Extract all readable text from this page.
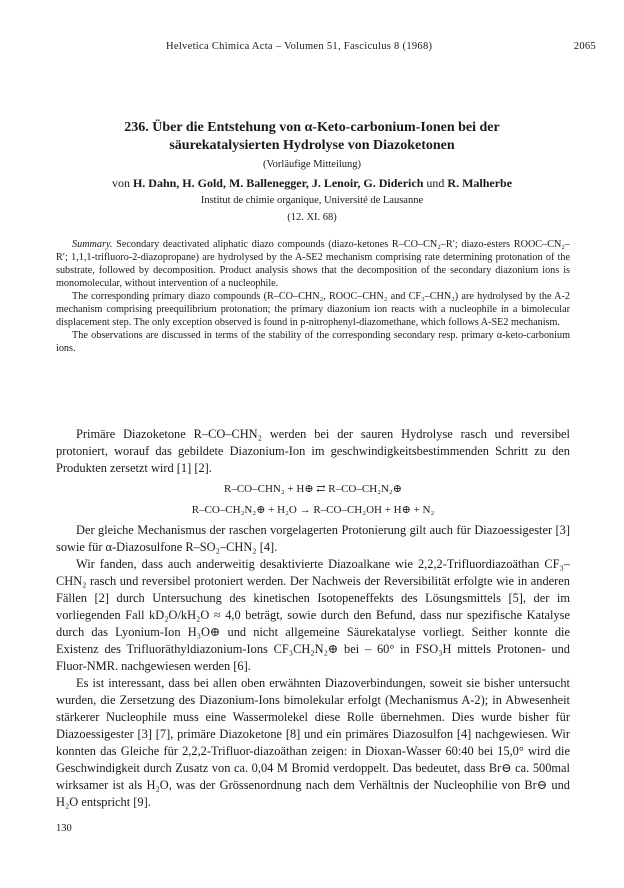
Helvetica Chimica Acta – Volumen 51, Fasciculus 8 (1968)	2065
236. Über die Entstehung von α-Keto-carbonium-Ionen bei der
säurekatalysierten Hydrolyse von Diazoketonen
(Vorläufige Mitteilung)
von H. Dahn, H. Gold, M. Ballenegger, J. Lenoir, G. Diderich und R. Malherbe
Institut de chimie organique, Université de Lausanne
(12. XI. 68)

Summary. Secondary deactivated aliphatic diazo compounds (diazo-ketones R–CO–CN₂–R′; diazo-esters ROOC–CN₂–R′; 1,1,1-trifluoro-2-diazopropane) are hydrolysed by the A-SE2 mechanism comprising rate determining protonation of the substrate, followed by decomposition. Product analysis shows that the decomposition of the secondary diazonium ions is monomolecular, without intervention of a nucleophile.

The corresponding primary diazo compounds (R–CO–CHN₂, ROOC–CHN₂ and CF₃–CHN₂) are hydrolysed by the A-2 mechanism comprising preequilibrium protonation; the primary diazonium ion reacts with a nucleophile in a bimolecular displacement step. The only exception observed is found in p-nitrophenyl-diazomethane, which follows A-SE2 mechanism.

The observations are discussed in terms of the stability of the corresponding secondary resp. primary α-keto-carbonium ions.

Primäre Diazoketone R–CO–CHN₂ werden bei der sauren Hydrolyse rasch und reversibel protoniert, worauf das gebildete Diazonium-Ion im geschwindigkeitsbestimmenden Schritt zu den Produkten zersetzt wird [1] [2].

R–CO–CHN₂ + H⊕ ⇄ R–CO–CH₂N₂⊕
R–CO–CH₂N₂⊕ + H₂O → R–CO–CH₂OH + H⊕ + N₂

Der gleiche Mechanismus der raschen vorgelagerten Protonierung gilt auch für Diazoessigester [3] sowie für α-Diazosulfone R–SO₂–CHN₂ [4].

Wir fanden, dass auch anderweitig desaktivierte Diazoalkane wie 2,2,2-Trifluordiazoäthan CF₃–CHN₂ rasch und reversibel protoniert werden. Der Nachweis der Reversibilität erfolgte wie in anderen Fällen [2] durch Untersuchung des kinetischen Isotopeneffekts des Lösungsmittels [5], der im vorliegenden Fall kD₂O/kH₂O ≈ 4,0 beträgt, sowie durch den Befund, dass nur spezifische Katalyse durch das Lyonium-Ion H₃O⊕ und nicht allgemeine Säurekatalyse vorliegt. Seither konnte die Existenz des Trifluoräthyldiazonium-Ions CF₃CH₂N₂⊕ bei – 60° in FSO₃H mittels Protonen- und Fluor-NMR. nachgewiesen werden [6].

Es ist interessant, dass bei allen oben erwähnten Diazoverbindungen, soweit sie bisher untersucht wurden, die Zersetzung des Diazonium-Ions bimolekular erfolgt (Mechanismus A-2); in Abwesenheit stärkerer Nucleophile muss eine Wassermolekel diese Rolle übernehmen. Dies wurde bisher für Diazoessigester [3] [7], primäre Diazoketone [8] und ein primäres Diazosulfon [4] nachgewiesen. Wir konnten das Gleiche für 2,2,2-Trifluor-diazoäthan zeigen: in Dioxan-Wasser 60:40 bei 15,0° wird die Geschwindigkeit durch Zusatz von ca. 0,04 M Bromid verdoppelt. Das bedeutet, dass Br⊖ ca. 500mal wirksamer ist als H₂O, was der Grössenordnung nach dem Verhältnis der Nucleophilie von Br⊖ und H₂O entspricht [9].

130
